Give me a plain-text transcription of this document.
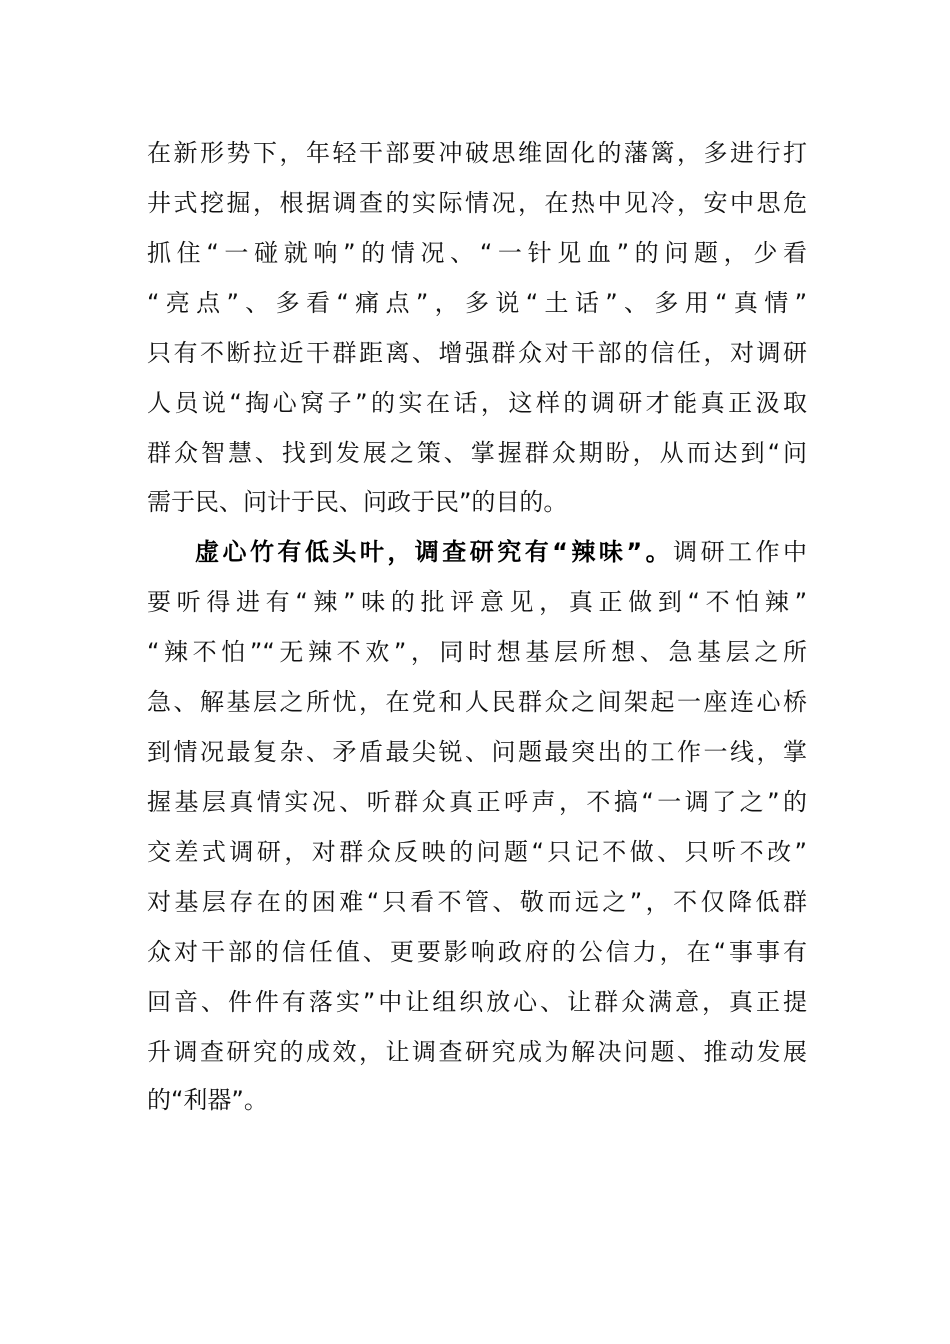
在新形势下，年轻干部要冲破思维固化的藩篱，多进行打
井式挖掘，根据调查的实际情况，在热中见冷，安中思危
抓住“一碰就响”的情况、“一针见血”的问题，少看
“亮点”、多看“痛点”，多说“土话”、多用“真情”
只有不断拉近干群距离、增强群众对干部的信任，对调研
人员说“掏心窝子”的实在话，这样的调研才能真正汲取
群众智慧、找到发展之策、掌握群众期盼，从而达到“问
需于民、问计于民、问政于民”的目的。
虚心竹有低头叶，调查研究有“辣味”。调研工作中
要听得进有“辣”味的批评意见，真正做到“不怕辣”
“辣不怕”“无辣不欢”，同时想基层所想、急基层之所
急、解基层之所忧，在党和人民群众之间架起一座连心桥
到情况最复杂、矛盾最尖锐、问题最突出的工作一线，掌
握基层真情实况、听群众真正呼声，不搞“一调了之”的
交差式调研，对群众反映的问题“只记不做、只听不改”
对基层存在的困难“只看不管、敬而远之”，不仅降低群
众对干部的信任值、更要影响政府的公信力，在“事事有
回音、件件有落实”中让组织放心、让群众满意，真正提
升调查研究的成效，让调查研究成为解决问题、推动发展
的“利器”。
